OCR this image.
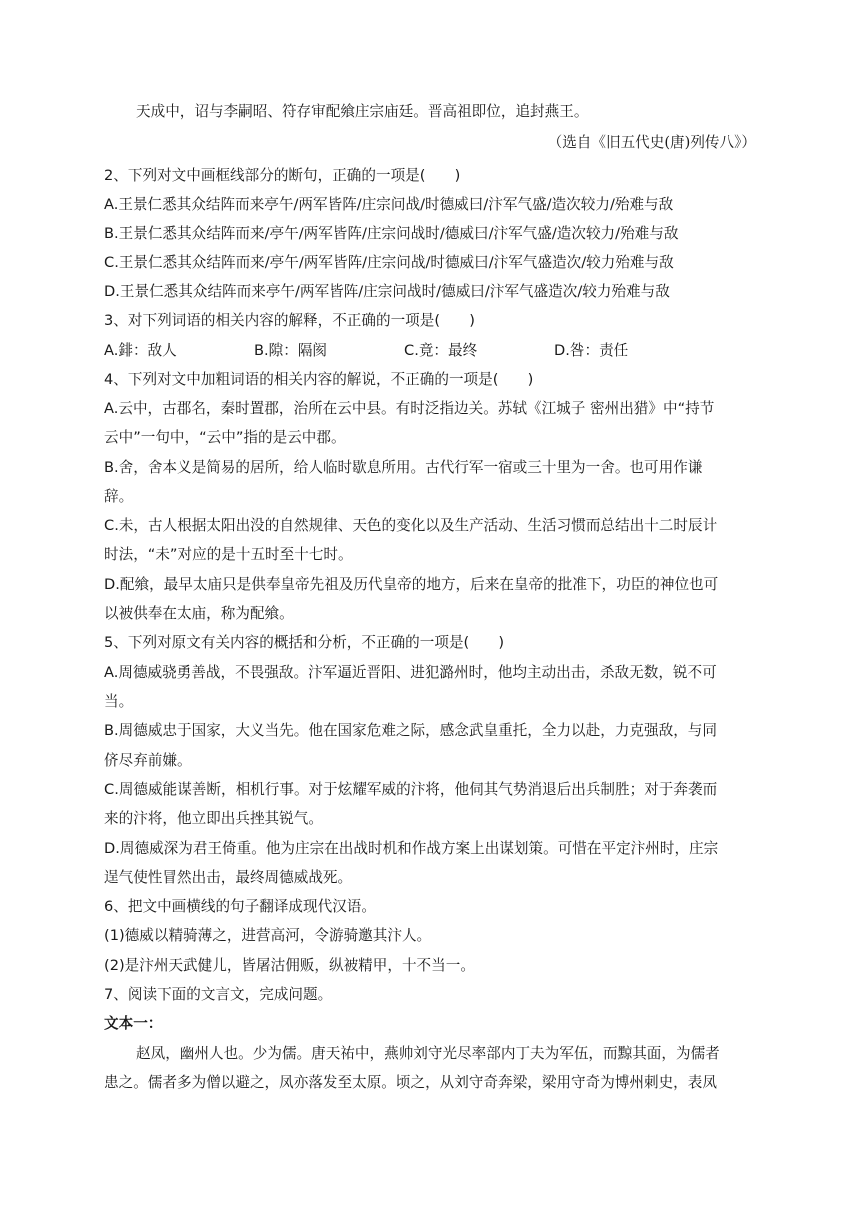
天成中，诏与李嗣昭、符存审配飨庄宗庙廷。晋高祖即位，追封燕王。
（选自《旧五代史(唐)列传八》）
2、下列对文中画框线部分的断句，正确的一项是(　　)
A.王景仁悉其众结阵而来亭午/两军皆阵/庄宗问战/时德威曰/汴军气盛/造次较力/殆难与敌
B.王景仁悉其众结阵而来/亭午/两军皆阵/庄宗问战时/德威曰/汴军气盛/造次较力/殆难与敌
C.王景仁悉其众结阵而来/亭午/两军皆阵/庄宗问战/时德威曰/汴军气盛造次/较力殆难与敌
D.王景仁悉其众结阵而来亭午/两军皆阵/庄宗问战时/德威曰/汴军气盛造次/较力殆难与敌
3、对下列词语的相关内容的解释，不正确的一项是(　　)
A.䤵：敌人	B.隙：隔阂	C.竟：最终	D.咎：责任
4、下列对文中加粗词语的相关内容的解说，不正确的一项是(　　)
A.云中，古郡名，秦时置郡，治所在云中县。有时泛指边关。苏轼《江城子 密州出猎》中“持节
云中”一句中，“云中”指的是云中郡。
B.舍，舍本义是简易的居所，给人临时歇息所用。古代行军一宿或三十里为一舍。也可用作谦
辞。
C.未，古人根据太阳出没的自然规律、天色的变化以及生产活动、生活习惯而总结出十二时辰计
时法，“未”对应的是十五时至十七时。
D.配飨，最早太庙只是供奉皇帝先祖及历代皇帝的地方，后来在皇帝的批准下，功臣的神位也可
以被供奉在太庙，称为配飨。
5、下列对原文有关内容的概括和分析，不正确的一项是(　　)
A.周德威骁勇善战，不畏强敌。汴军逼近晋阳、进犯潞州时，他均主动出击，杀敌无数，锐不可
当。
B.周德威忠于国家，大义当先。他在国家危难之际，感念武皇重托，全力以赴，力克强敌，与同
侪尽弃前嫌。
C.周德威能谋善断，相机行事。对于炫耀军威的汴将，他伺其气势消退后出兵制胜；对于奔袭而
来的汴将，他立即出兵挫其锐气。
D.周德威深为君王倚重。他为庄宗在出战时机和作战方案上出谋划策。可惜在平定汴州时，庄宗
逞气使性冒然出击，最终周德威战死。
6、把文中画横线的句子翻译成现代汉语。
(1)德威以精骑薄之，进营高河，令游骑邀其汴人。
(2)是汴州天武健儿，皆屠沽佣贩，纵被精甲，十不当一。
7、阅读下面的文言文，完成问题。
文本一：
赵凤，幽州人也。少为儒。唐天祐中，燕帅刘守光尽率部内丁夫为军伍，而黥其面，为儒者
患之。儒者多为僧以避之，凤亦落发至太原。顷之，从刘守奇奔梁，梁用守奇为博州刺史，表凤
